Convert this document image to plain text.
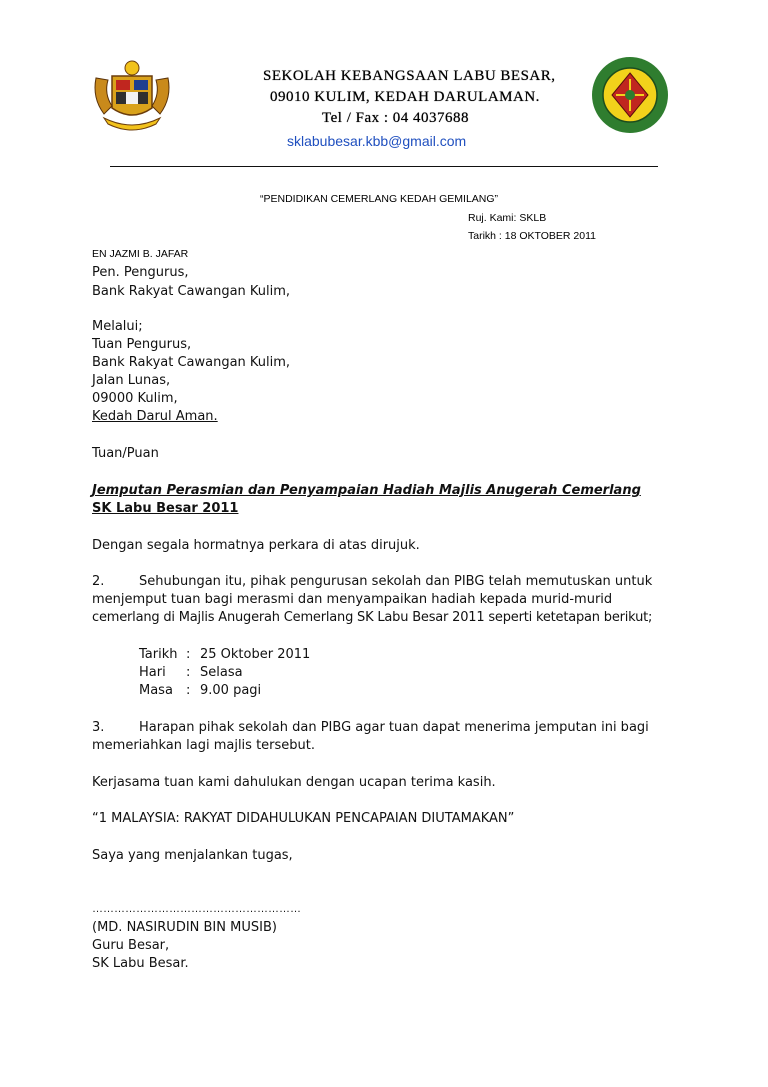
SEKOLAH KEBANGSAAN LABU BESAR,

09010 KULIM, KEDAH DARULAMAN.

Tel / Fax : 04 4037688

sklabubesar.kbb@gmail.com

“PENDIDIKAN CEMERLANG KEDAH GEMILANG”

Ruj. Kami: SKLB

Tarikh : 18 OKTOBER 2011

EN JAZMI B. JAFAR

Pen. Pengurus,

Bank Rakyat Cawangan Kulim,

Melalui;

Tuan Pengurus,

Bank Rakyat Cawangan Kulim,

Jalan Lunas,

09000 Kulim,

Kedah Darul Aman.

Tuan/Puan

Jemputan Perasmian dan Penyampaian Hadiah Majlis Anugerah Cemerlang

SK Labu Besar 2011

Dengan segala hormatnya perkara di atas dirujuk.

2.	Sehubungan itu, pihak pengurusan sekolah dan PIBG telah memutuskan untuk

menjemput tuan bagi merasmi dan menyampaikan hadiah kepada murid-murid

cemerlang di Majlis Anugerah Cemerlang SK Labu Besar 2011 seperti ketetapan berikut;

Tarikh : 25 Oktober 2011

Hari : Selasa

Masa : 9.00 pagi

3.	Harapan pihak sekolah dan PIBG agar tuan dapat menerima jemputan ini bagi

memeriahkan lagi majlis tersebut.

Kerjasama tuan kami dahulukan dengan ucapan terima kasih.

“1 MALAYSIA: RAKYAT DIDAHULUKAN PENCAPAIAN DIUTAMAKAN”

Saya yang menjalankan tugas,

…………………………………………………

(MD. NASIRUDIN BIN MUSIB)

Guru Besar,

SK Labu Besar.
